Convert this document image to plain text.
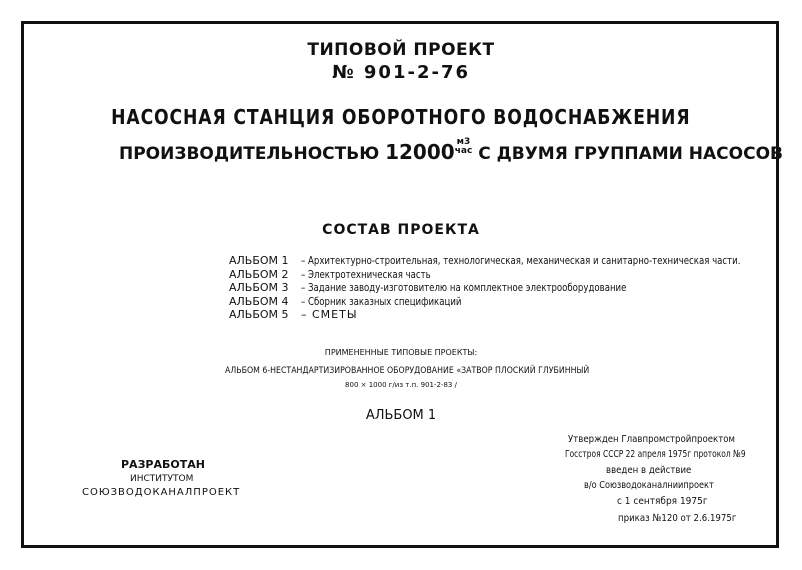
ТИПОВОЙ ПРОЕКТ
№ 901-2-76
НАСОСНАЯ СТАНЦИЯ ОБОРОТНОГО ВОДОСНАБЖЕНИЯ
ПРОИЗВОДИТЕЛЬНОСТЬЮ 12000 м3
час С ДВУМЯ ГРУППАМИ НАСОСОВ
СОСТАВ ПРОЕКТА
АЛЬБОМ 1 – Архитектурно-строительная, технологическая, механическая и санитарно-техническая части.
АЛЬБОМ 2 – Электротехническая часть
АЛЬБОМ 3 – Задание заводу-изготовителю на комплектное электрооборудование
АЛЬБОМ 4 – Сборник заказных спецификаций
АЛЬБОМ 5 – СМЕТЫ
ПРИМЕНЕННЫЕ ТИПОВЫЕ ПРОЕКТЫ:
АЛЬБОМ 6-НЕСТАНДАРТИЗИРОВАННОЕ ОБОРУДОВАНИЕ «ЗАТВОР ПЛОСКИЙ ГЛУБИННЫЙ
800 × 1000 г/из т.п. 901-2-83 /
АЛЬБОМ 1
РАЗРАБОТАН
ИНСТИТУТОМ
СОЮЗВОДОКАНАЛПРОЕКТ
Утвержден Главпромстройпроектом
Госстроя СССР 22 апреля 1975г протокол №9
введен в действие
в/о Союзводоканалниипроект
с 1 сентября 1975г
приказ №120 от 2.6.1975г
